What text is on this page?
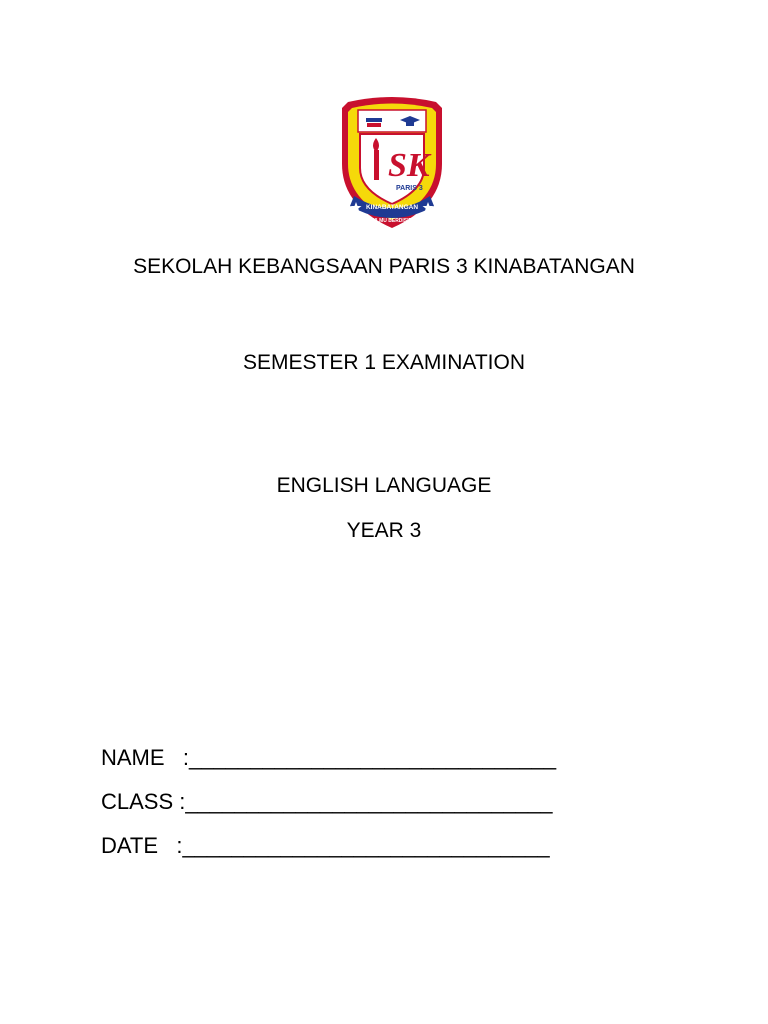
SK
PARIS 3
KINABATANGAN
BERILMU BERDISIPLIN
SEKOLAH KEBANGSAAN PARIS 3 KINABATANGAN
SEMESTER 1 EXAMINATION
ENGLISH LANGUAGE
YEAR 3
NAME   :______________________________
CLASS :______________________________
DATE   :______________________________
